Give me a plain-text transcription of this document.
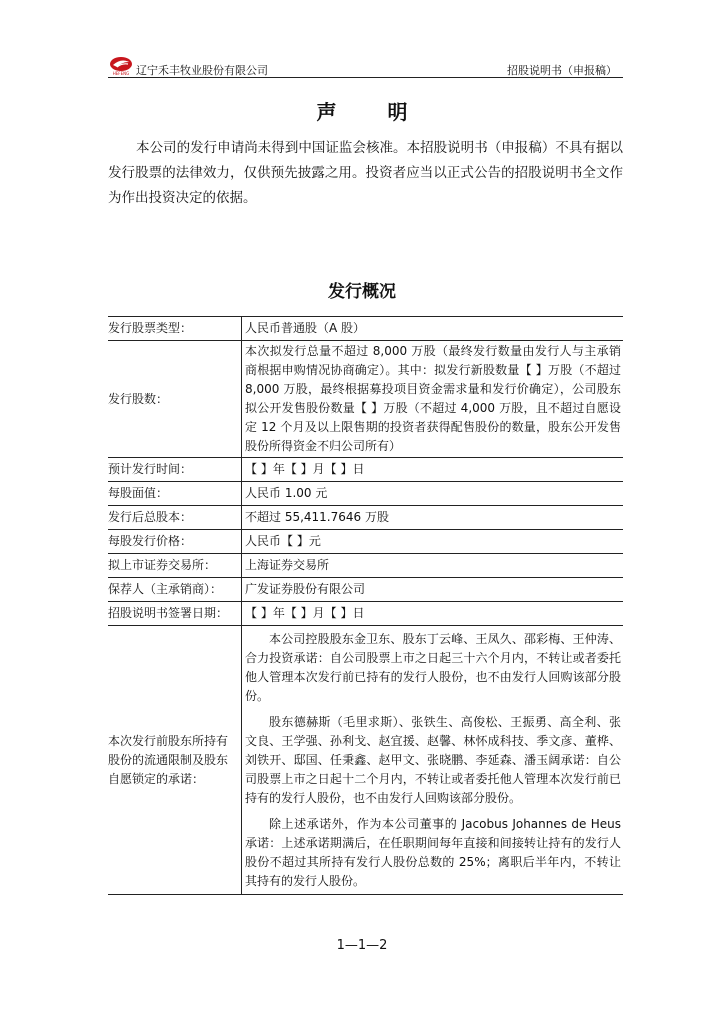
HEFENG 辽宁禾丰牧业股份有限公司	招股说明书（申报稿）
声 明
本公司的发行申请尚未得到中国证监会核准。本招股说明书（申报稿）不具有据以发行股票的法律效力，仅供预先披露之用。投资者应当以正式公告的招股说明书全文作为作出投资决定的依据。
发行概况
发行股票类型：	人民币普通股（A 股）
发行股数：	本次拟发行总量不超过 8,000 万股（最终发行数量由发行人与主承销商根据申购情况协商确定）。其中：拟发行新股数量【 】万股（不超过 8,000 万股，最终根据募投项目资金需求量和发行价确定），公司股东拟公开发售股份数量【 】万股（不超过 4,000 万股，且不超过自愿设定 12 个月及以上限售期的投资者获得配售股份的数量，股东公开发售股份所得资金不归公司所有）
预计发行时间：	【 】年【 】月【 】日
每股面值：	人民币 1.00 元
发行后总股本：	不超过 55,411.7646 万股
每股发行价格：	人民币【 】元
拟上市证券交易所：	上海证券交易所
保荐人（主承销商）：	广发证券股份有限公司
招股说明书签署日期：	【 】年【 】月【 】日
本次发行前股东所持有股份的流通限制及股东自愿锁定的承诺：	本公司控股股东金卫东、股东丁云峰、王凤久、邵彩梅、王仲涛、合力投资承诺：自公司股票上市之日起三十六个月内，不转让或者委托他人管理本次发行前已持有的发行人股份，也不由发行人回购该部分股份。
股东德赫斯（毛里求斯）、张铁生、高俊松、王振勇、高全利、张文良、王学强、孙利戈、赵宜援、赵馨、林怀成科技、季文彦、董桦、刘铁开、邸国、任秉鑫、赵甲文、张晓鹏、李延森、潘玉阔承诺：自公司股票上市之日起十二个月内，不转让或者委托他人管理本次发行前已持有的发行人股份，也不由发行人回购该部分股份。
除上述承诺外，作为本公司董事的 Jacobus Johannes de Heus 承诺：上述承诺期满后，在任职期间每年直接和间接转让持有的发行人股份不超过其所持有发行人股份总数的 25%；离职后半年内，不转让其持有的发行人股份。
1—1—2
